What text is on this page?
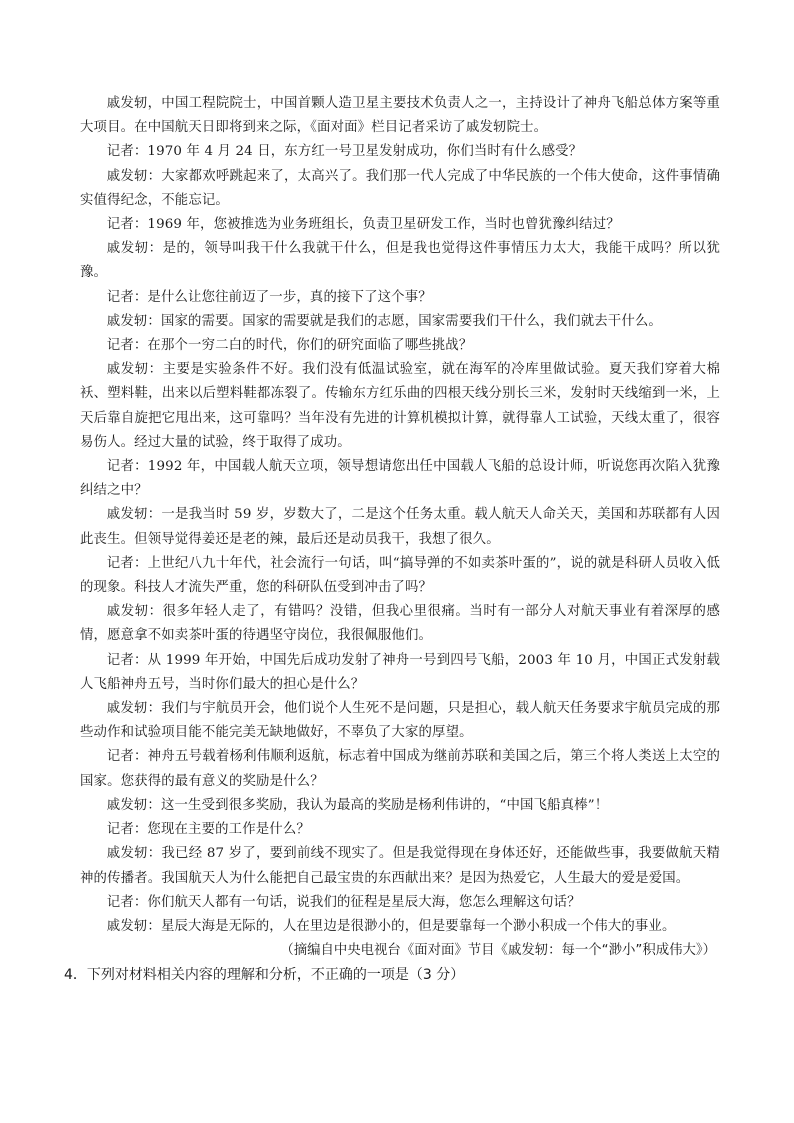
戚发轫，中国工程院院士，中国首颗人造卫星主要技术负责人之一，主持设计了神舟飞船总体方案等重大项目。在中国航天日即将到来之际，《面对面》栏目记者采访了戚发轫院士。

记者：1970 年 4 月 24 日，东方红一号卫星发射成功，你们当时有什么感受？

戚发轫：大家都欢呼跳起来了，太高兴了。我们那一代人完成了中华民族的一个伟大使命，这件事情确实值得纪念，不能忘记。

记者：1969 年，您被推选为业务班组长，负责卫星研发工作，当时也曾犹豫纠结过？

戚发轫：是的，领导叫我干什么我就干什么，但是我也觉得这件事情压力太大，我能干成吗？所以犹豫。

记者：是什么让您往前迈了一步，真的接下了这个事？

戚发轫：国家的需要。国家的需要就是我们的志愿，国家需要我们干什么，我们就去干什么。

记者：在那个一穷二白的时代，你们的研究面临了哪些挑战？

戚发轫：主要是实验条件不好。我们没有低温试验室，就在海军的冷库里做试验。夏天我们穿着大棉袄、塑料鞋，出来以后塑料鞋都冻裂了。传输东方红乐曲的四根天线分别长三米，发射时天线缩到一米，上天后靠自旋把它甩出来，这可靠吗？当年没有先进的计算机模拟计算，就得靠人工试验，天线太重了，很容易伤人。经过大量的试验，终于取得了成功。

记者：1992 年，中国载人航天立项，领导想请您出任中国载人飞船的总设计师，听说您再次陷入犹豫纠结之中？

戚发轫：一是我当时 59 岁，岁数大了，二是这个任务太重。载人航天人命关天，美国和苏联都有人因此丧生。但领导觉得姜还是老的辣，最后还是动员我干，我想了很久。

记者：上世纪八九十年代，社会流行一句话，叫“搞导弹的不如卖茶叶蛋的”，说的就是科研人员收入低的现象。科技人才流失严重，您的科研队伍受到冲击了吗？

戚发轫：很多年轻人走了，有错吗？没错，但我心里很痛。当时有一部分人对航天事业有着深厚的感情，愿意拿不如卖茶叶蛋的待遇坚守岗位，我很佩服他们。

记者：从 1999 年开始，中国先后成功发射了神舟一号到四号飞船，2003 年 10 月，中国正式发射载人飞船神舟五号，当时你们最大的担心是什么？

戚发轫：我们与宇航员开会，他们说个人生死不是问题，只是担心，载人航天任务要求宇航员完成的那些动作和试验项目能不能完美无缺地做好，不辜负了大家的厚望。

记者：神舟五号载着杨利伟顺利返航，标志着中国成为继前苏联和美国之后，第三个将人类送上太空的国家。您获得的最有意义的奖励是什么？

戚发轫：这一生受到很多奖励，我认为最高的奖励是杨利伟讲的，“中国飞船真棒”！

记者：您现在主要的工作是什么？

戚发轫：我已经 87 岁了，要到前线不现实了。但是我觉得现在身体还好，还能做些事，我要做航天精神的传播者。我国航天人为什么能把自己最宝贵的东西献出来？是因为热爱它，人生最大的爱是爱国。

记者：你们航天人都有一句话，说我们的征程是星辰大海，您怎么理解这句话？

戚发轫：星辰大海是无际的，人在里边是很渺小的，但是要靠每一个渺小积成一个伟大的事业。

（摘编自中央电视台《面对面》节目《戚发轫：每一个“渺小”积成伟大》）

4．下列对材料相关内容的理解和分析，不正确的一项是（3 分）
